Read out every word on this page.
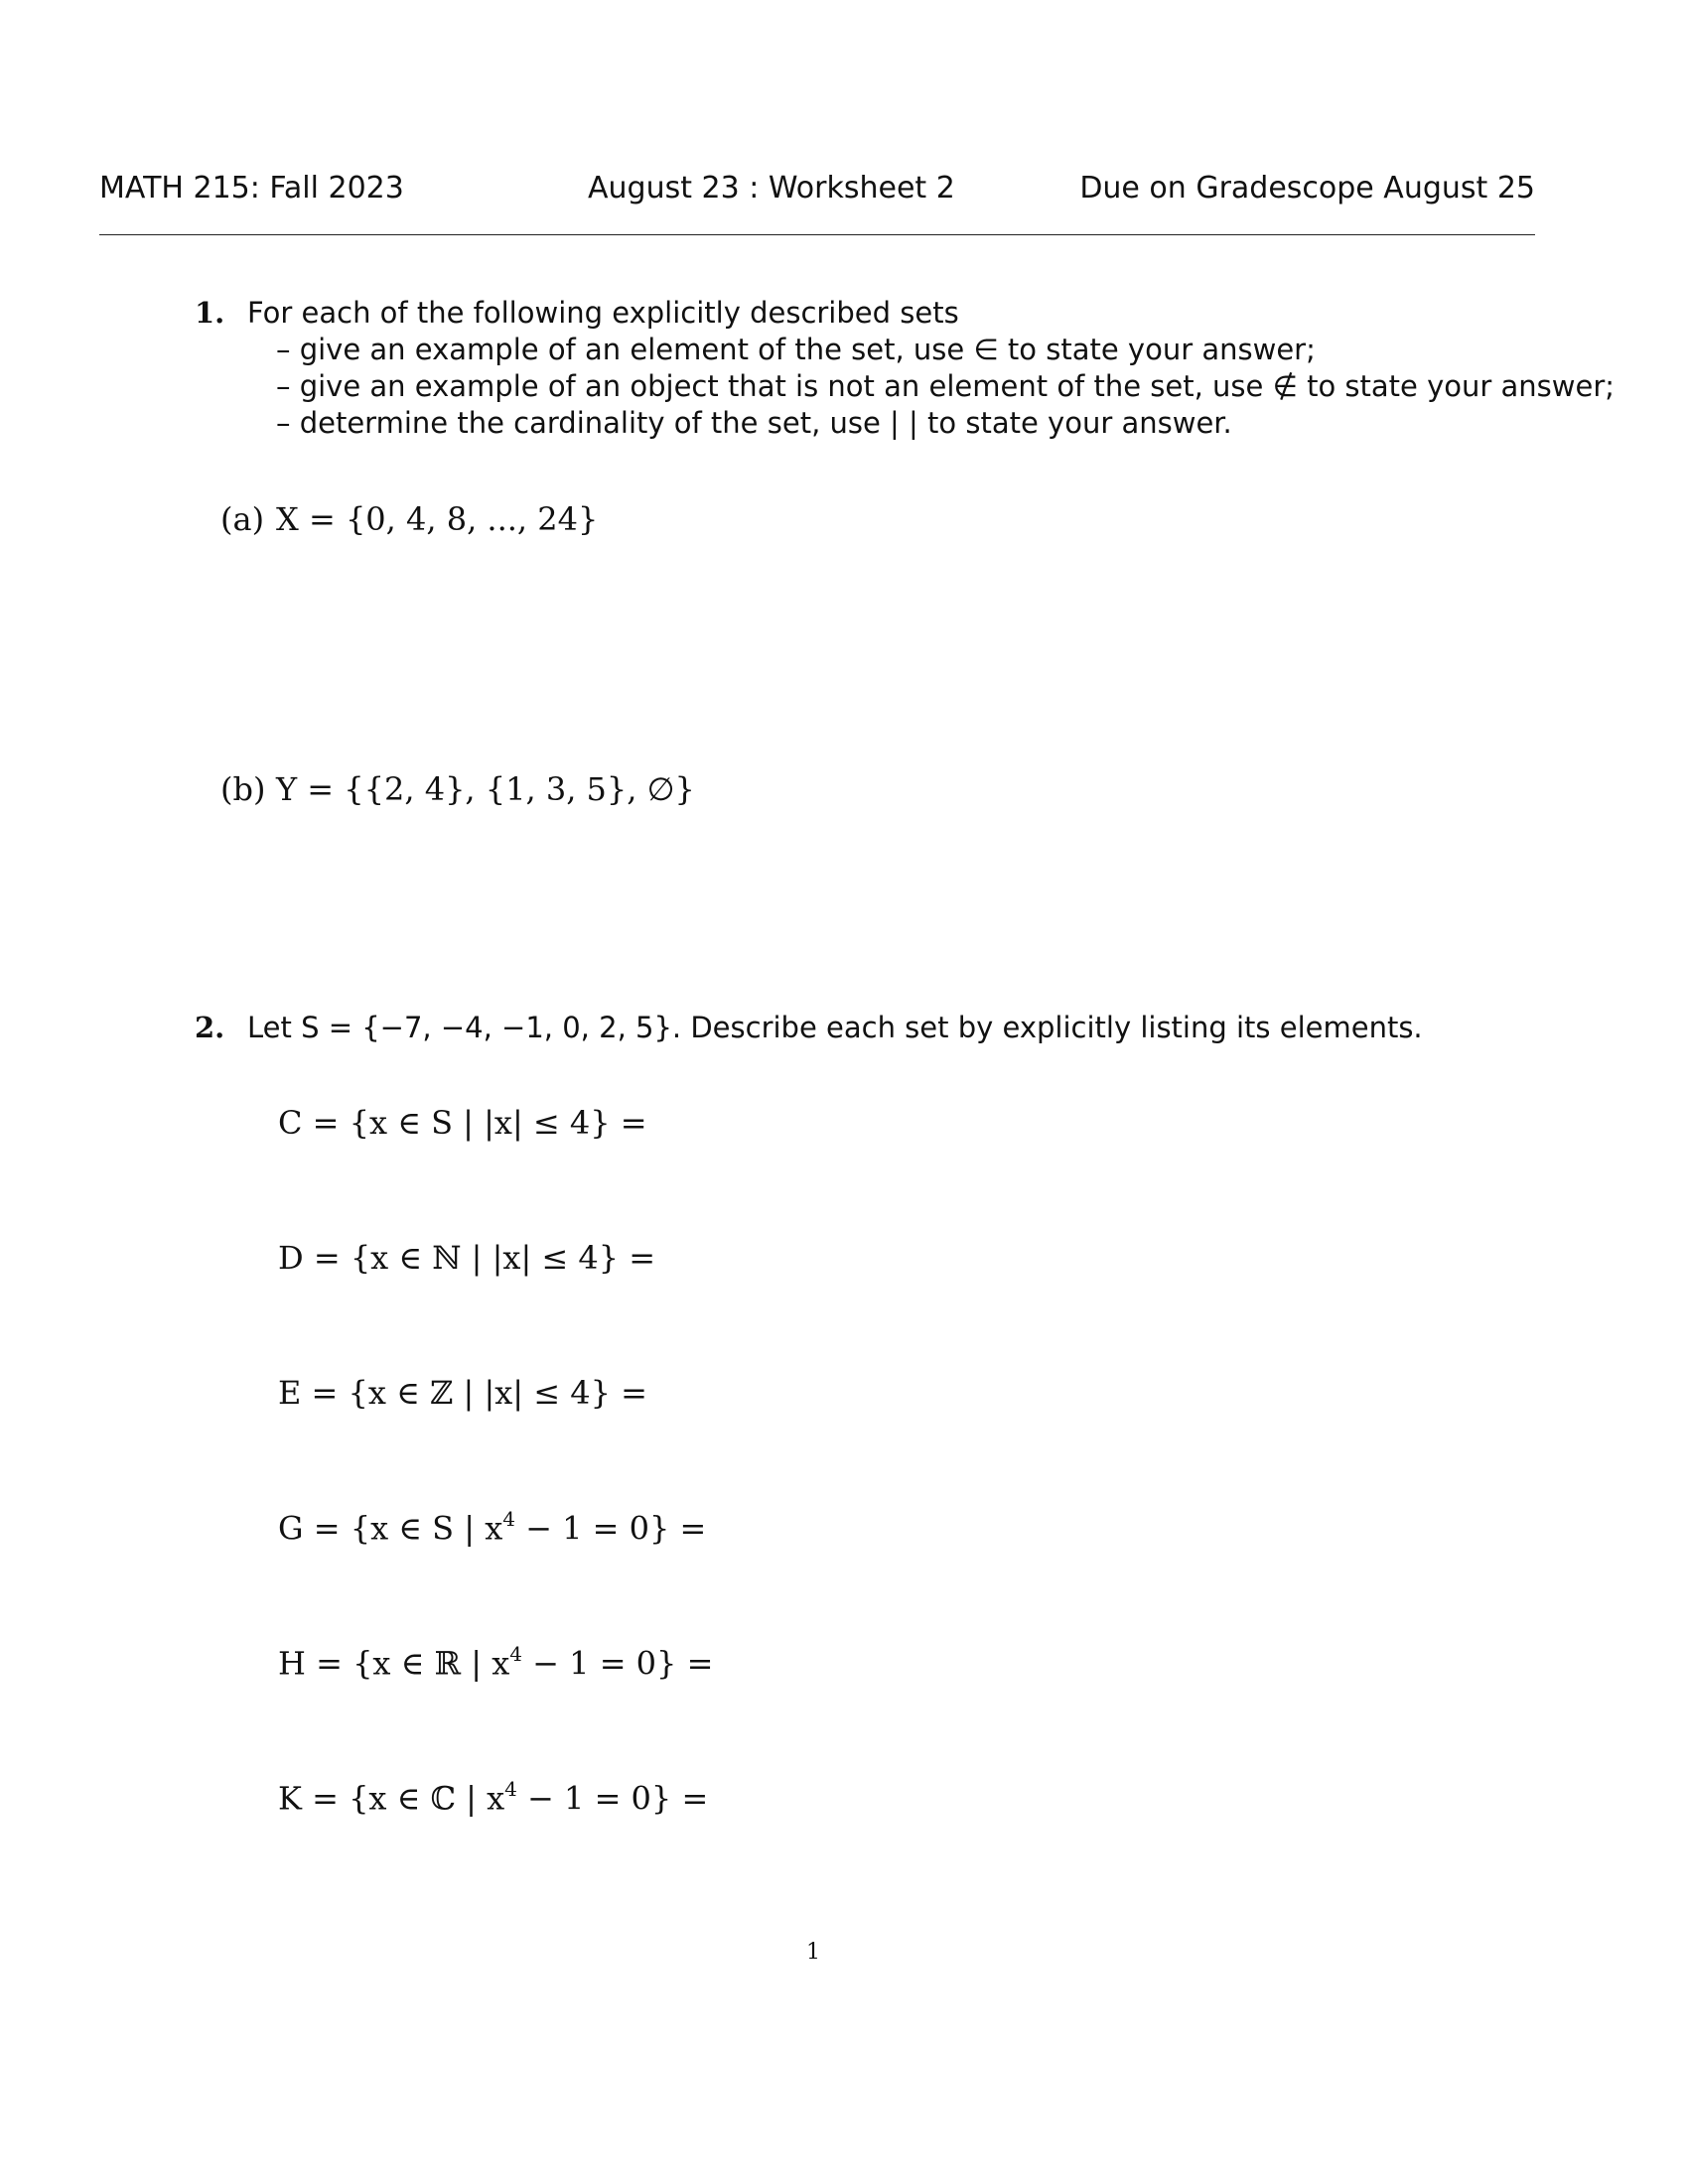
MATH 215: Fall 2023	August 23 : Worksheet 2	Due on Gradescope August 25
1. For each of the following explicitly described sets
– give an example of an element of the set, use ∈ to state your answer;
– give an example of an object that is not an element of the set, use ∉ to state your answer;
– determine the cardinality of the set, use | | to state your answer.
(a) X = {0, 4, 8, ..., 24}
(b) Y = {{2, 4}, {1, 3, 5}, ∅}
2. Let S = {−7, −4, −1, 0, 2, 5}. Describe each set by explicitly listing its elements.
C = {x ∈ S | |x| ≤ 4} =
D = {x ∈ ℕ | |x| ≤ 4} =
E = {x ∈ ℤ | |x| ≤ 4} =
G = {x ∈ S | $x^4 - 1 = 0$} =
H = {x ∈ ℝ | $x^4 - 1 = 0$} =
K = {x ∈ ℂ | $x^4 - 1 = 0$} =
1
